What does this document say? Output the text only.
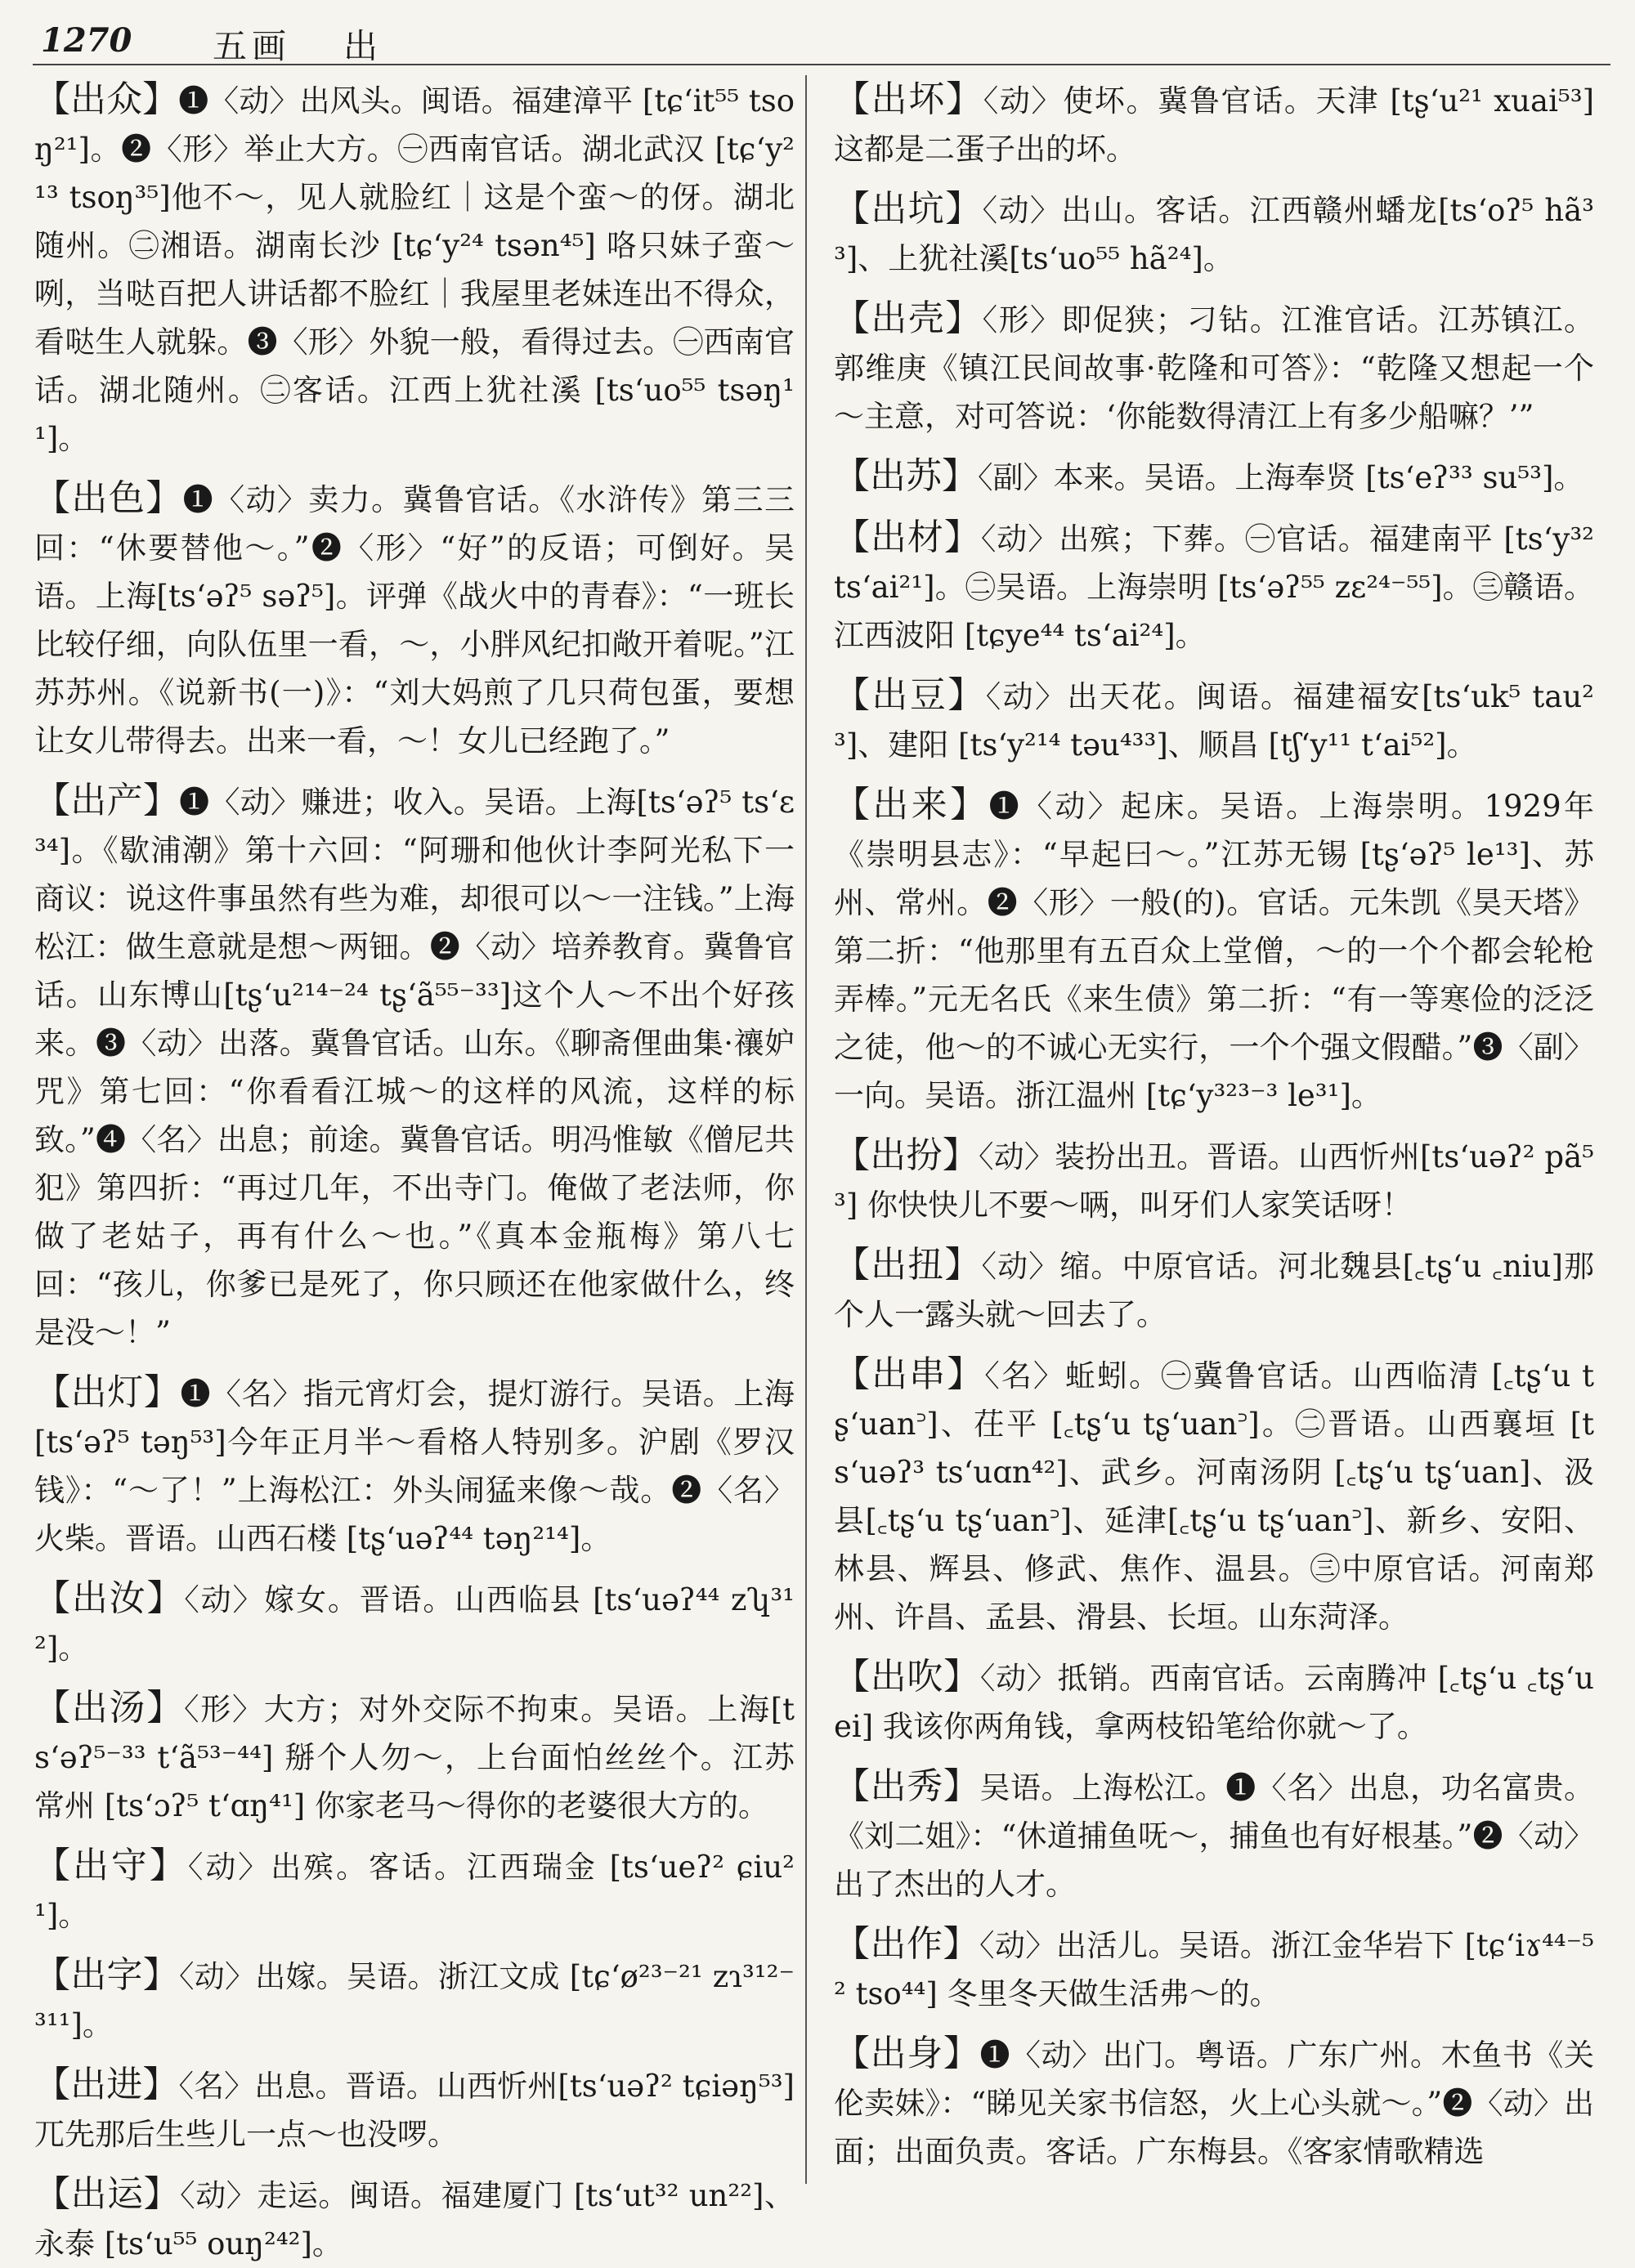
1270 五画 出

【出众】❶〈动〉出风头。闽语。福建漳平 [tɕ‘it⁵⁵ tsoŋ²¹]。❷〈形〉举止大方。㊀西南官话。湖北武汉 [tɕ‘y²¹³ tsoŋ³⁵]他不～，见人就脸红｜这是个蛮～的伢。湖北随州。㊁湘语。湖南长沙 [tɕ‘y²⁴ tsən⁴⁵] 咯只妹子蛮～咧，当哒百把人讲话都不脸红｜我屋里老妹连出不得众，看哒生人就躲。❸〈形〉外貌一般，看得过去。㊀西南官话。湖北随州。㊁客话。江西上犹社溪 [ts‘uo⁵⁵ tsəŋ¹¹]。

【出色】❶〈动〉卖力。冀鲁官话。《水浒传》第三三回：“休要替他～。”❷〈形〉“好”的反语；可倒好。吴语。上海[ts‘əʔ⁵ səʔ⁵]。评弹《战火中的青春》：“一班长比较仔细，向队伍里一看，～，小胖风纪扣敞开着呢。”江苏苏州。《说新书(一)》：“刘大妈煎了几只荷包蛋，要想让女儿带得去。出来一看，～！女儿已经跑了。”

【出产】❶〈动〉赚进；收入。吴语。上海[ts‘əʔ⁵ ts‘ɛ³⁴]。《歇浦潮》第十六回：“阿珊和他伙计李阿光私下一商议：说这件事虽然有些为难，却很可以～一注钱。”上海松江：做生意就是想～两钿。❷〈动〉培养教育。冀鲁官话。山东博山[tʂ‘u²¹⁴⁻²⁴ tʂ‘ã⁵⁵⁻³³]这个人～不出个好孩来。❸〈动〉出落。冀鲁官话。山东。《聊斋俚曲集·禳妒咒》第七回：“你看看江城～的这样的风流，这样的标致。”❹〈名〉出息；前途。冀鲁官话。明冯惟敏《僧尼共犯》第四折：“再过几年，不出寺门。俺做了老法师，你做了老姑子，再有什么～也。”《真本金瓶梅》第八七回：“孩儿，你爹已是死了，你只顾还在他家做什么，终是没～！”

【出灯】❶〈名〉指元宵灯会，提灯游行。吴语。上海[ts‘əʔ⁵ təŋ⁵³]今年正月半～看格人特别多。沪剧《罗汉钱》：“～了！”上海松江：外头闹猛来像～哉。❷〈名〉火柴。晋语。山西石楼 [tʂ‘uəʔ⁴⁴ təŋ²¹⁴]。

【出汝】〈动〉嫁女。晋语。山西临县 [ts‘uəʔ⁴⁴ zʮ³¹²]。

【出汤】〈形〉大方；对外交际不拘束。吴语。上海[ts‘əʔ⁵⁻³³ t‘ã⁵³⁻⁴⁴] 掰个人勿～，上台面怕丝丝个。江苏常州 [ts‘ɔʔ⁵ t‘ɑŋ⁴¹] 你家老马～得你的老婆很大方的。

【出守】〈动〉出殡。客话。江西瑞金 [ts‘ueʔ² ɕiu²¹]。

【出字】〈动〉出嫁。吴语。浙江文成 [tɕ‘ø²³⁻²¹ zɿ³¹²⁻³¹¹]。

【出进】〈名〉出息。晋语。山西忻州[ts‘uəʔ² tɕiəŋ⁵³] 兀先那后生些儿一点～也没啰。

【出运】〈动〉走运。闽语。福建厦门 [ts‘ut³² un²²]、永泰 [ts‘u⁵⁵ ouŋ²⁴²]。

【出坏】〈动〉使坏。冀鲁官话。天津 [tʂ‘u²¹ xuai⁵³] 这都是二蛋子出的坏。

【出坑】〈动〉出山。客话。江西赣州蟠龙[ts‘oʔ⁵ hã³³]、上犹社溪[ts‘uo⁵⁵ hã²⁴]。

【出壳】〈形〉即促狭；刁钻。江淮官话。江苏镇江。郭维庚《镇江民间故事·乾隆和可答》：“乾隆又想起一个～主意，对可答说：‘你能数得清江上有多少船嘛？’”

【出苏】〈副〉本来。吴语。上海奉贤 [ts‘eʔ³³ su⁵³]。

【出材】〈动〉出殡；下葬。㊀官话。福建南平 [ts‘y³² ts‘ai²¹]。㊁吴语。上海崇明 [ts‘əʔ⁵⁵ zɛ²⁴⁻⁵⁵]。㊂赣语。江西波阳 [tɕye⁴⁴ ts‘ai²⁴]。

【出豆】〈动〉出天花。闽语。福建福安[ts‘uk⁵ tau²³]、建阳 [ts‘y²¹⁴ təu⁴³³]、顺昌 [tʃ‘y¹¹ t‘ai⁵²]。

【出来】❶〈动〉起床。吴语。上海崇明。1929年《崇明县志》：“早起曰～。”江苏无锡 [tʂ‘əʔ⁵ le¹³]、苏州、常州。❷〈形〉一般(的)。官话。元朱凯《昊天塔》第二折：“他那里有五百众上堂僧，～的一个个都会轮枪弄棒。”元无名氏《来生债》第二折：“有一等寒俭的泛泛之徒，他～的不诚心无实行，一个个强文假醋。”❸〈副〉一向。吴语。浙江温州 [tɕ‘y³²³⁻³ le³¹]。

【出扮】〈动〉装扮出丑。晋语。山西忻州[ts‘uəʔ² pã⁵³] 你快快儿不要～唡，叫牙们人家笑话呀！

【出扭】〈动〉缩。中原官话。河北魏县[꜀tʂ‘u ꜀niu]那个人一露头就～回去了。

【出串】〈名〉蚯蚓。㊀冀鲁官话。山西临清 [꜀tʂ‘u tʂ‘uan꜄]、茌平 [꜀tʂ‘u tʂ‘uan꜄]。㊁晋语。山西襄垣 [ts‘uəʔ³ ts‘uɑn⁴²]、武乡。河南汤阴 [꜀tʂ‘u tʂ‘uan]、汲县[꜀tʂ‘u tʂ‘uan꜄]、延津[꜀tʂ‘u tʂ‘uan꜄]、新乡、安阳、林县、辉县、修武、焦作、温县。㊂中原官话。河南郑州、许昌、孟县、滑县、长垣。山东菏泽。

【出吹】〈动〉抵销。西南官话。云南腾冲 [꜀tʂ‘u ꜀tʂ‘uei] 我该你两角钱，拿两枝铅笔给你就～了。

【出秀】吴语。上海松江。❶〈名〉出息，功名富贵。《刘二姐》：“休道捕鱼呒～，捕鱼也有好根基。”❷〈动〉出了杰出的人才。

【出作】〈动〉出活儿。吴语。浙江金华岩下 [tɕ‘iɤ⁴⁴⁻⁵² tso⁴⁴] 冬里冬天做生活弗～的。

【出身】❶〈动〉出门。粤语。广东广州。木鱼书《关伦卖妹》：“睇见关家书信怒，火上心头就～。”❷〈动〉出面；出面负责。客话。广东梅县。《客家情歌精选
